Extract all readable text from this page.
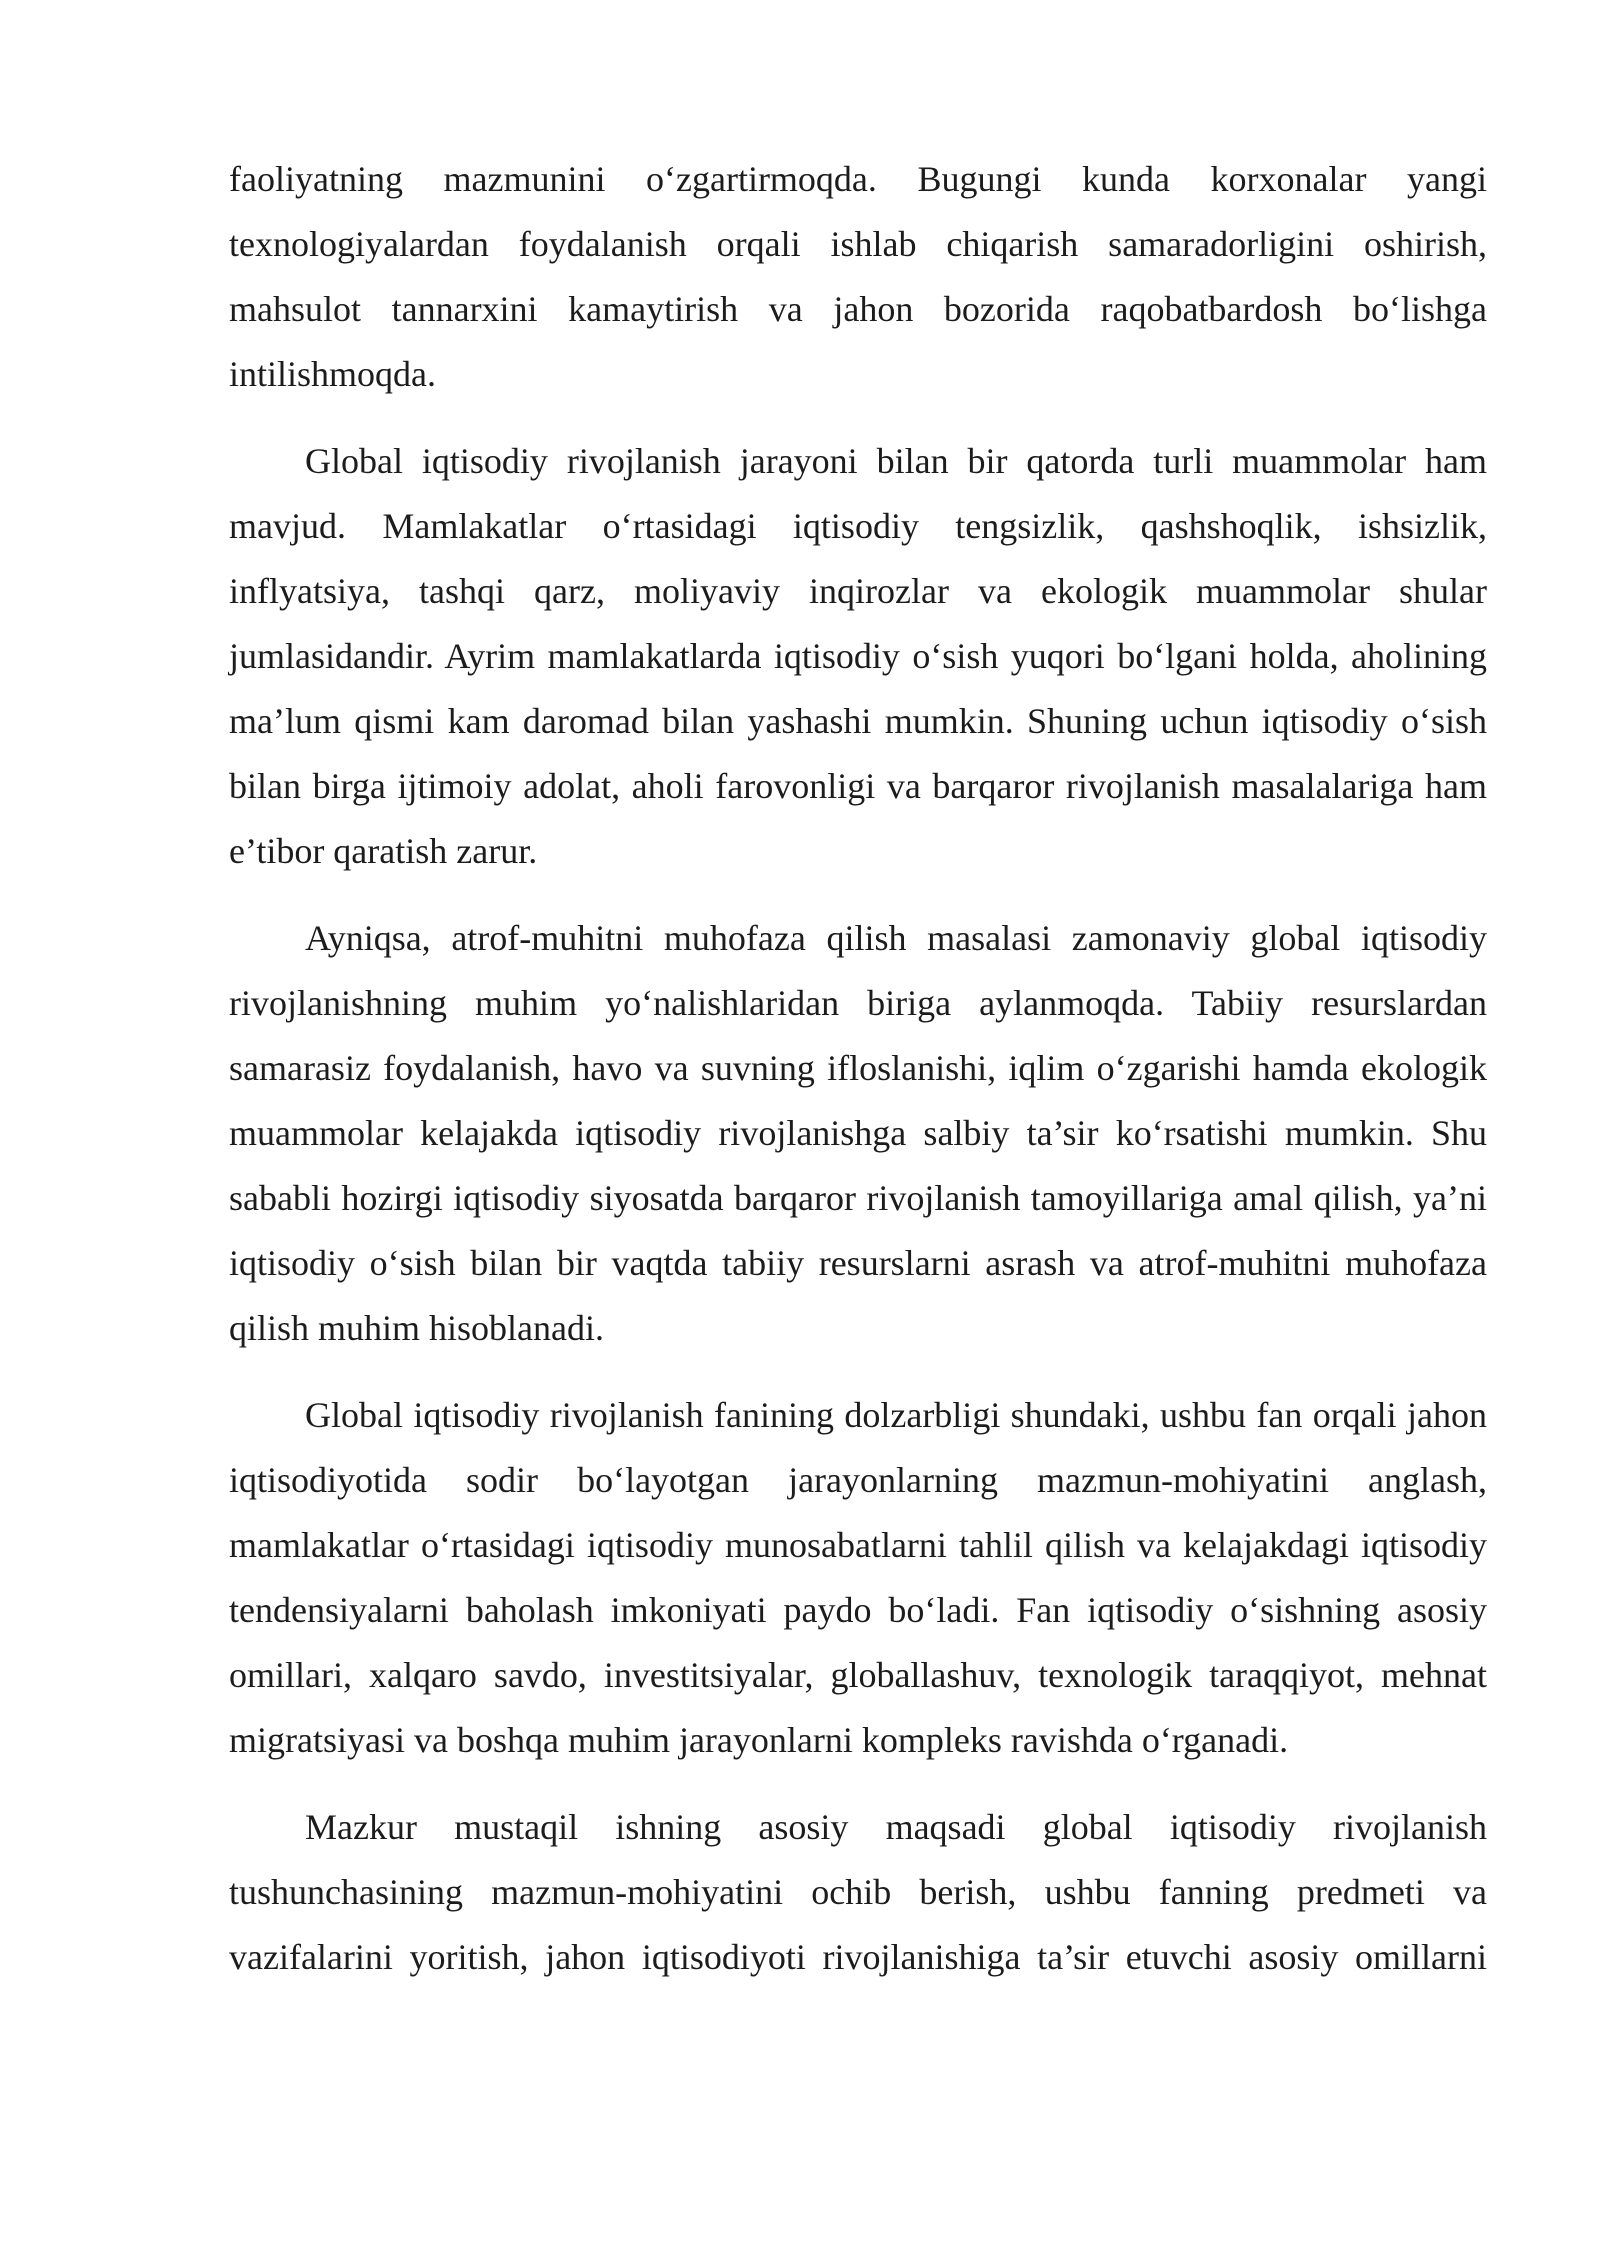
faoliyatning mazmunini o‘zgartirmoqda. Bugungi kunda korxonalar yangi texnologiyalardan foydalanish orqali ishlab chiqarish samaradorligini oshirish, mahsulot tannarxini kamaytirish va jahon bozorida raqobatbardosh bo‘lishga intilishmoqda.

Global iqtisodiy rivojlanish jarayoni bilan bir qatorda turli muammolar ham mavjud. Mamlakatlar o‘rtasidagi iqtisodiy tengsizlik, qashshoqlik, ishsizlik, inflyatsiya, tashqi qarz, moliyaviy inqirozlar va ekologik muammolar shular jumlasidandir. Ayrim mamlakatlarda iqtisodiy o‘sish yuqori bo‘lgani holda, aholining ma’lum qismi kam daromad bilan yashashi mumkin. Shuning uchun iqtisodiy o‘sish bilan birga ijtimoiy adolat, aholi farovonligi va barqaror rivojlanish masalalariga ham e’tibor qaratish zarur.

Ayniqsa, atrof-muhitni muhofaza qilish masalasi zamonaviy global iqtisodiy rivojlanishning muhim yo‘nalishlaridan biriga aylanmoqda. Tabiiy resurslardan samarasiz foydalanish, havo va suvning ifloslanishi, iqlim o‘zgarishi hamda ekologik muammolar kelajakda iqtisodiy rivojlanishga salbiy ta’sir ko‘rsatishi mumkin. Shu sababli hozirgi iqtisodiy siyosatda barqaror rivojlanish tamoyillariga amal qilish, ya’ni iqtisodiy o‘sish bilan bir vaqtda tabiiy resurslarni asrash va atrof-muhitni muhofaza qilish muhim hisoblanadi.

Global iqtisodiy rivojlanish fanining dolzarbligi shundaki, ushbu fan orqali jahon iqtisodiyotida sodir bo‘layotgan jarayonlarning mazmun-mohiyatini anglash, mamlakatlar o‘rtasidagi iqtisodiy munosabatlarni tahlil qilish va kelajakdagi iqtisodiy tendensiyalarni baholash imkoniyati paydo bo‘ladi. Fan iqtisodiy o‘sishning asosiy omillari, xalqaro savdo, investitsiyalar, globallashuv, texnologik taraqqiyot, mehnat migratsiyasi va boshqa muhim jarayonlarni kompleks ravishda o‘rganadi.

Mazkur mustaqil ishning asosiy maqsadi global iqtisodiy rivojlanish tushunchasining mazmun-mohiyatini ochib berish, ushbu fanning predmeti va vazifalarini yoritish, jahon iqtisodiyoti rivojlanishiga ta’sir etuvchi asosiy omillarni
